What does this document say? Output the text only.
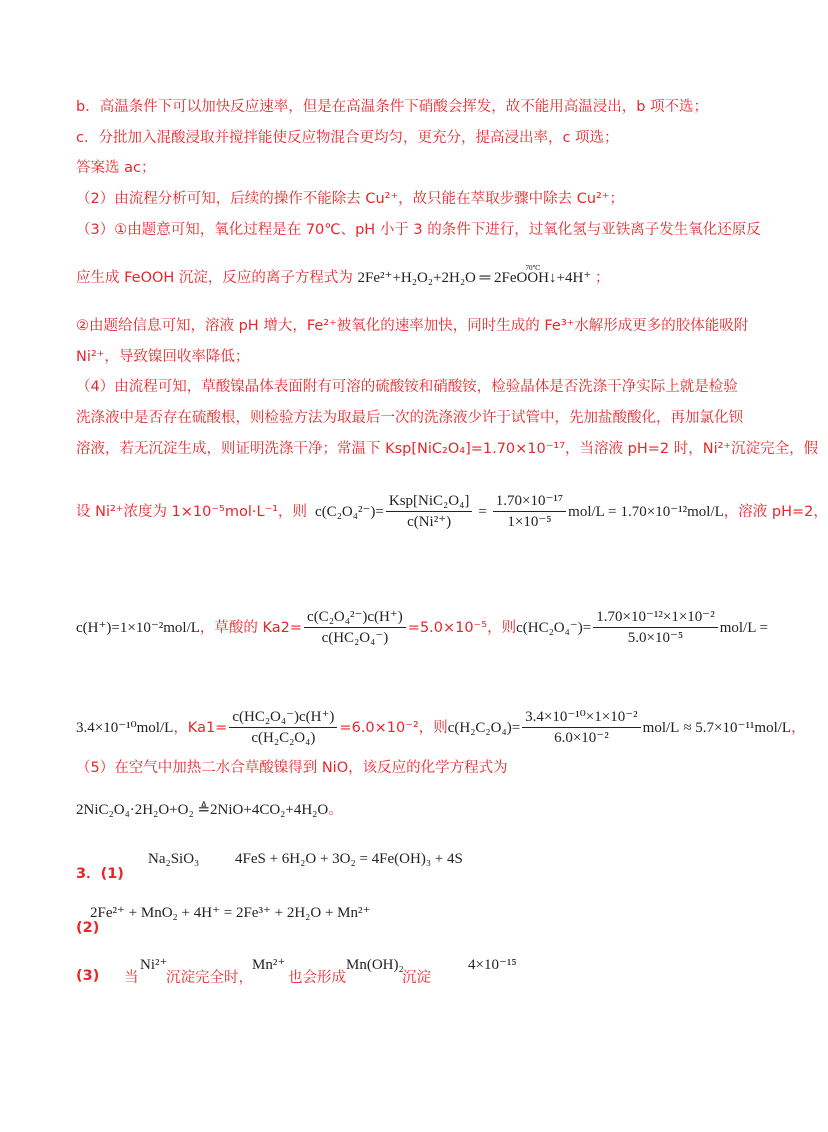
b．高温条件下可以加快反应速率，但是在高温条件下硝酸会挥发，故不能用高温浸出，b 项不选；
c．分批加入混酸浸取并搅拌能使反应物混合更均匀，更充分，提高浸出率，c 项选；
答案选 ac；
（2）由流程分析可知，后续的操作不能除去 Cu²⁺，故只能在萃取步骤中除去 Cu²⁺；
（3）①由题意可知，氧化过程是在 70℃、pH 小于 3 的条件下进行，过氧化氢与亚铁离子发生氧化还原反
应生成 FeOOH 沉淀，反应的离子方程式为 2Fe²⁺+H₂O₂+2H₂O ═ 2FeOOH↓+4H⁺
70℃
；
②由题给信息可知，溶液 pH 增大，Fe²⁺被氧化的速率加快，同时生成的 Fe³⁺水解形成更多的胶体能吸附
Ni²⁺，导致镍回收率降低；
（4）由流程可知，草酸镍晶体表面附有可溶的硫酸铵和硝酸铵，检验晶体是否洗涤干净实际上就是检验
洗涤液中是否存在硫酸根，则检验方法为取最后一次的洗涤液少许于试管中，先加盐酸酸化，再加氯化钡
溶液，若无沉淀生成，则证明洗涤干净；常温下 Ksp[NiC₂O₄]=1.70×10⁻¹⁷，当溶液 pH=2 时，Ni²⁺沉淀完全，假
设 Ni²⁺浓度为 1×10⁻⁵mol·L⁻¹，则 $c(C_2O_4^{2-})= \frac{\text{Ksp[NiC₂O₄]}}{\text{c(Ni²⁺)}} = \frac{\text{1.70×10⁻¹⁷}}{\text{1×10⁻⁵}} mol/L = 1.70\times 10^{-12}mol/L$ ，溶液 pH=2，
c(H⁺)=1×10⁻²mol/L ，草酸的 $Ka2= \frac{\text{c(C₂O₄²⁻)c(H⁺)}}{\text{c(HC₂O₄⁻)}} =5.0\times 10^{-5}$，则 $c(HC_2O_4^-)= \frac{\text{1.70×10⁻¹²×1×10⁻²}}{\text{5.0×10⁻⁵}} mol/L$ =
3.4×10⁻¹⁰mol/L ，$Ka1= \frac{\text{c(HC₂O₄⁻)c(H⁺)}}{\text{c(H₂C₂O₄)}} =6.0\times 10^{-2}$，则 $c(H_2C_2O_4)= \frac{\text{3.4×10⁻¹⁰×1×10⁻²}}{\text{6.0×10⁻²}} mol/L \approx 5.7\times 10^{-11}mol/L$ ，
（5）在空气中加热二水合草酸镍得到 NiO，该反应的化学方程式为
2NiC₂O₄·2H₂O+O₂ ≜2NiO+4CO₂+4H₂O。
3．(1)
Na₂SiO₃ 4FeS + 6H₂O + 3O₂ = 4Fe(OH)₃ + 4S
(2)
2Fe²⁺ + MnO₂ + 4H⁺ = 2Fe³⁺ + 2H₂O + Mn²⁺
(3) 当
Ni²⁺
沉淀完全时，
Mn²⁺
也会形成
Mn(OH)₂
沉淀
4×10⁻¹⁵
